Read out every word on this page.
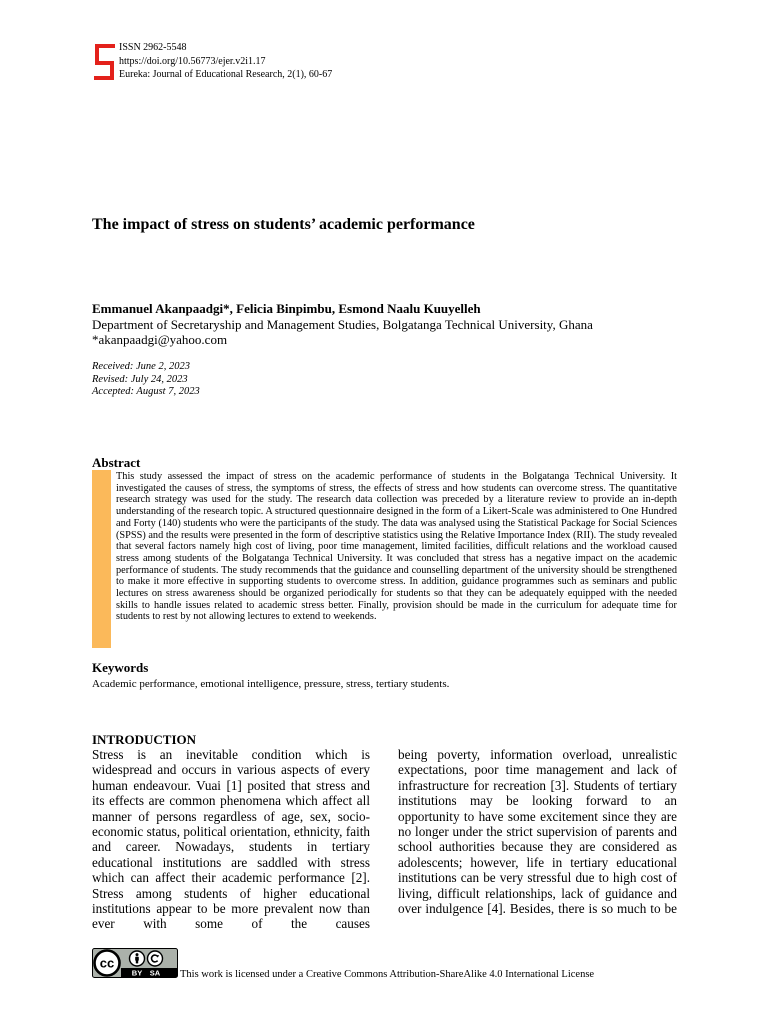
ISSN 2962-5548
https://doi.org/10.56773/ejer.v2i1.17
Eureka: Journal of Educational Research, 2(1), 60-67
The impact of stress on students’ academic performance
Emmanuel Akanpaadgi*, Felicia Binpimbu, Esmond Naalu Kuuyelleh
Department of Secretaryship and Management Studies, Bolgatanga Technical University, Ghana
*akanpaadgi@yahoo.com
Received: June 2, 2023
Revised: July 24, 2023
Accepted: August 7, 2023
Abstract
This study assessed the impact of stress on the academic performance of students in the Bolgatanga Technical University. It investigated the causes of stress, the symptoms of stress, the effects of stress and how students can overcome stress. The quantitative research strategy was used for the study. The research data collection was preceded by a literature review to provide an in-depth understanding of the research topic. A structured questionnaire designed in the form of a Likert-Scale was administered to One Hundred and Forty (140) students who were the participants of the study. The data was analysed using the Statistical Package for Social Sciences (SPSS) and the results were presented in the form of descriptive statistics using the Relative Importance Index (RII). The study revealed that several factors namely high cost of living, poor time management, limited facilities, difficult relations and the workload caused stress among students of the Bolgatanga Technical University. It was concluded that stress has a negative impact on the academic performance of students. The study recommends that the guidance and counselling department of the university should be strengthened to make it more effective in supporting students to overcome stress. In addition, guidance programmes such as seminars and public lectures on stress awareness should be organized periodically for students so that they can be adequately equipped with the needed skills to handle issues related to academic stress better. Finally, provision should be made in the curriculum for adequate time for students to rest by not allowing lectures to extend to weekends.
Keywords
Academic performance, emotional intelligence, pressure, stress, tertiary students.
INTRODUCTION
Stress is an inevitable condition which is widespread and occurs in various aspects of every human endeavour. Vuai [1] posited that stress and its effects are common phenomena which affect all manner of persons regardless of age, sex, socio-economic status, political orientation, ethnicity, faith and career. Nowadays, students in tertiary educational institutions are saddled with stress which can affect their academic performance [2]. Stress among students of higher educational institutions appear to be more prevalent now than ever with some of the causes
being poverty, information overload, unrealistic expectations, poor time management and lack of infrastructure for recreation [3]. Students of tertiary institutions may be looking forward to an opportunity to have some excitement since they are no longer under the strict supervision of parents and school authorities because they are considered as adolescents; however, life in tertiary educational institutions can be very stressful due to high cost of living, difficult relationships, lack of guidance and over indulgence [4]. Besides, there is so much to be
cc
BY SA This work is licensed under a Creative Commons Attribution-ShareAlike 4.0 International License
